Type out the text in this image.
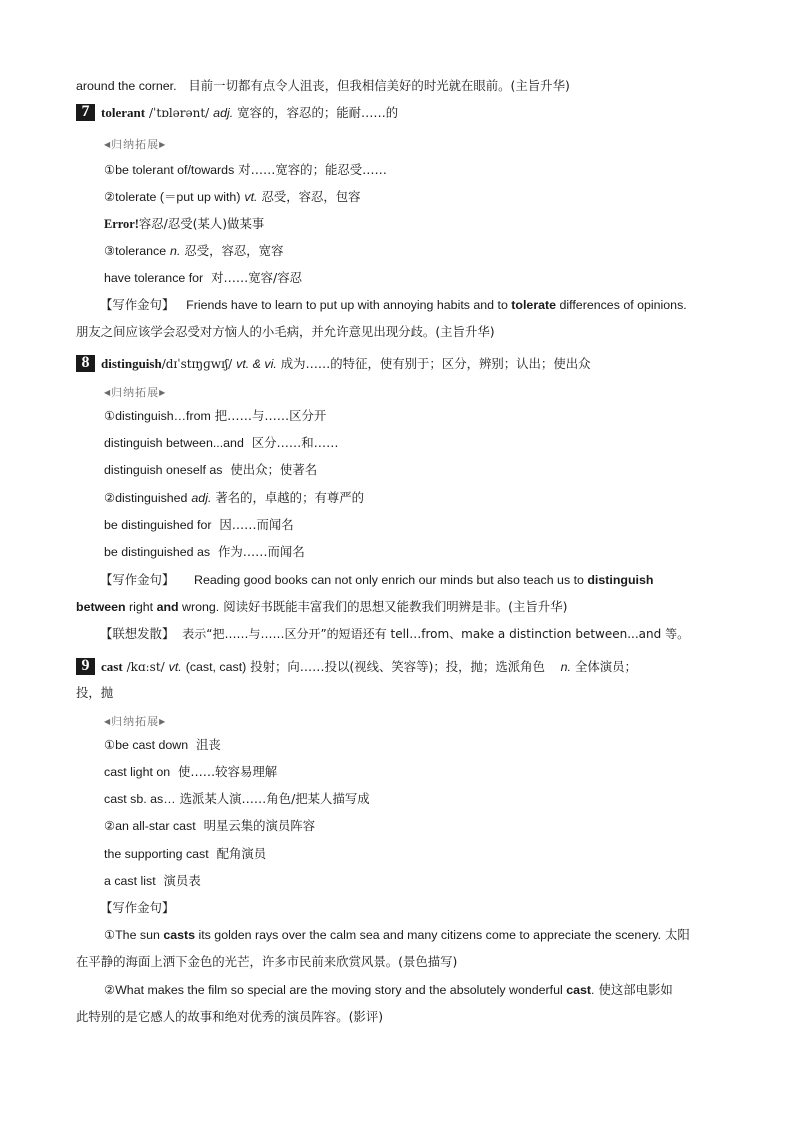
around the corner. 目前一切都有点令人沮丧，但我相信美好的时光就在眼前。(主旨升华)
7 tolerant /ˈtɒlərənt/ adj. 宽容的，容忍的；能耐……的
◀归纳拓展▶
①be tolerant of/towards 对……宽容的；能忍受……
②tolerate (＝put up with) vt. 忍受，容忍，包容
Error!容忍/忍受(某人)做某事
③tolerance n. 忍受，容忍，宽容
have tolerance for 对……宽容/容忍
【写作金句】 Friends have to learn to put up with annoying habits and to tolerate differences of opinions.
朋友之间应该学会忍受对方恼人的小毛病，并允许意见出现分歧。(主旨升华)
8 distinguish/dɪˈstɪŋɡwɪʃ/ vt. & vi. 成为……的特征，使有别于；区分，辨别；认出；使出众
◀归纳拓展▶
①distinguish…from 把……与……区分开
distinguish between...and 区分……和……
distinguish oneself as 使出众；使著名
②distinguished adj. 著名的，卓越的；有尊严的
be distinguished for 因……而闻名
be distinguished as 作为……而闻名
【写作金句】 Reading good books can not only enrich our minds but also teach us to distinguish
between right and wrong. 阅读好书既能丰富我们的思想又能教我们明辨是非。(主旨升华)
【联想发散】 表示“把……与……区分开”的短语还有 tell…from、make a distinction between...and 等。
9 cast /kɑːst/ vt. (cast, cast) 投射；向……投以(视线、笑容等)；投，抛；选派角色 n. 全体演员；
投，抛
◀归纳拓展▶
①be cast down 沮丧
cast light on 使……较容易理解
cast sb. as… 选派某人演……角色/把某人描写成
②an all-star cast 明星云集的演员阵容
the supporting cast 配角演员
a cast list 演员表
【写作金句】
①The sun casts its golden rays over the calm sea and many citizens come to appreciate the scenery. 太阳
在平静的海面上洒下金色的光芒，许多市民前来欣赏风景。(景色描写)
②What makes the film so special are the moving story and the absolutely wonderful cast. 使这部电影如
此特别的是它感人的故事和绝对优秀的演员阵容。(影评)
